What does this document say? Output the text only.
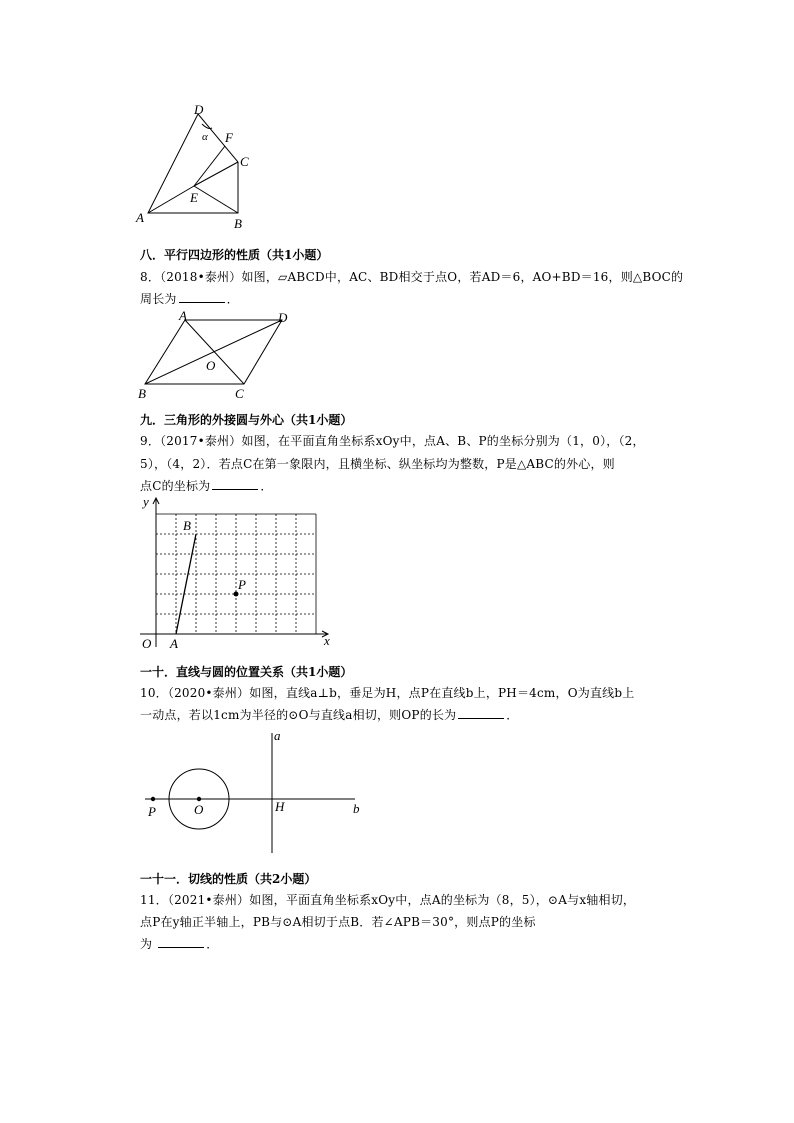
D
α F
C
E
A	B
八．平行四边形的性质（共1小题）
8．（2018•泰州）如图，▱ABCD中，AC、BD相交于点O，若AD＝6，AO+BD＝16，则△BOC的
周长为	．
A	D
O
B	C
九．三角形的外接圆与外心（共1小题）
9．（2017•泰州）如图，在平面直角坐标系xOy中，点A、B、P的坐标分别为（1，0），（2，
5），（4，2）．若点C在第一象限内，且横坐标、纵坐标均为整数，P是△ABC的外心，则
点C的坐标为	．
y
x
O A
B
P
一十．直线与圆的位置关系（共1小题）
10．（2020•泰州）如图，直线a⊥b，垂足为H，点P在直线b上，PH＝4cm，O为直线b上
一动点，若以1cm为半径的⊙O与直线a相切，则OP的长为	．
a
b
P	O	H
一十一．切线的性质（共2小题）
11．（2021•泰州）如图，平面直角坐标系xOy中，点A的坐标为（8，5），⊙A与x轴相切，
点P在y轴正半轴上，PB与⊙A相切于点B．若∠APB＝30°，则点P的坐标
为	．
